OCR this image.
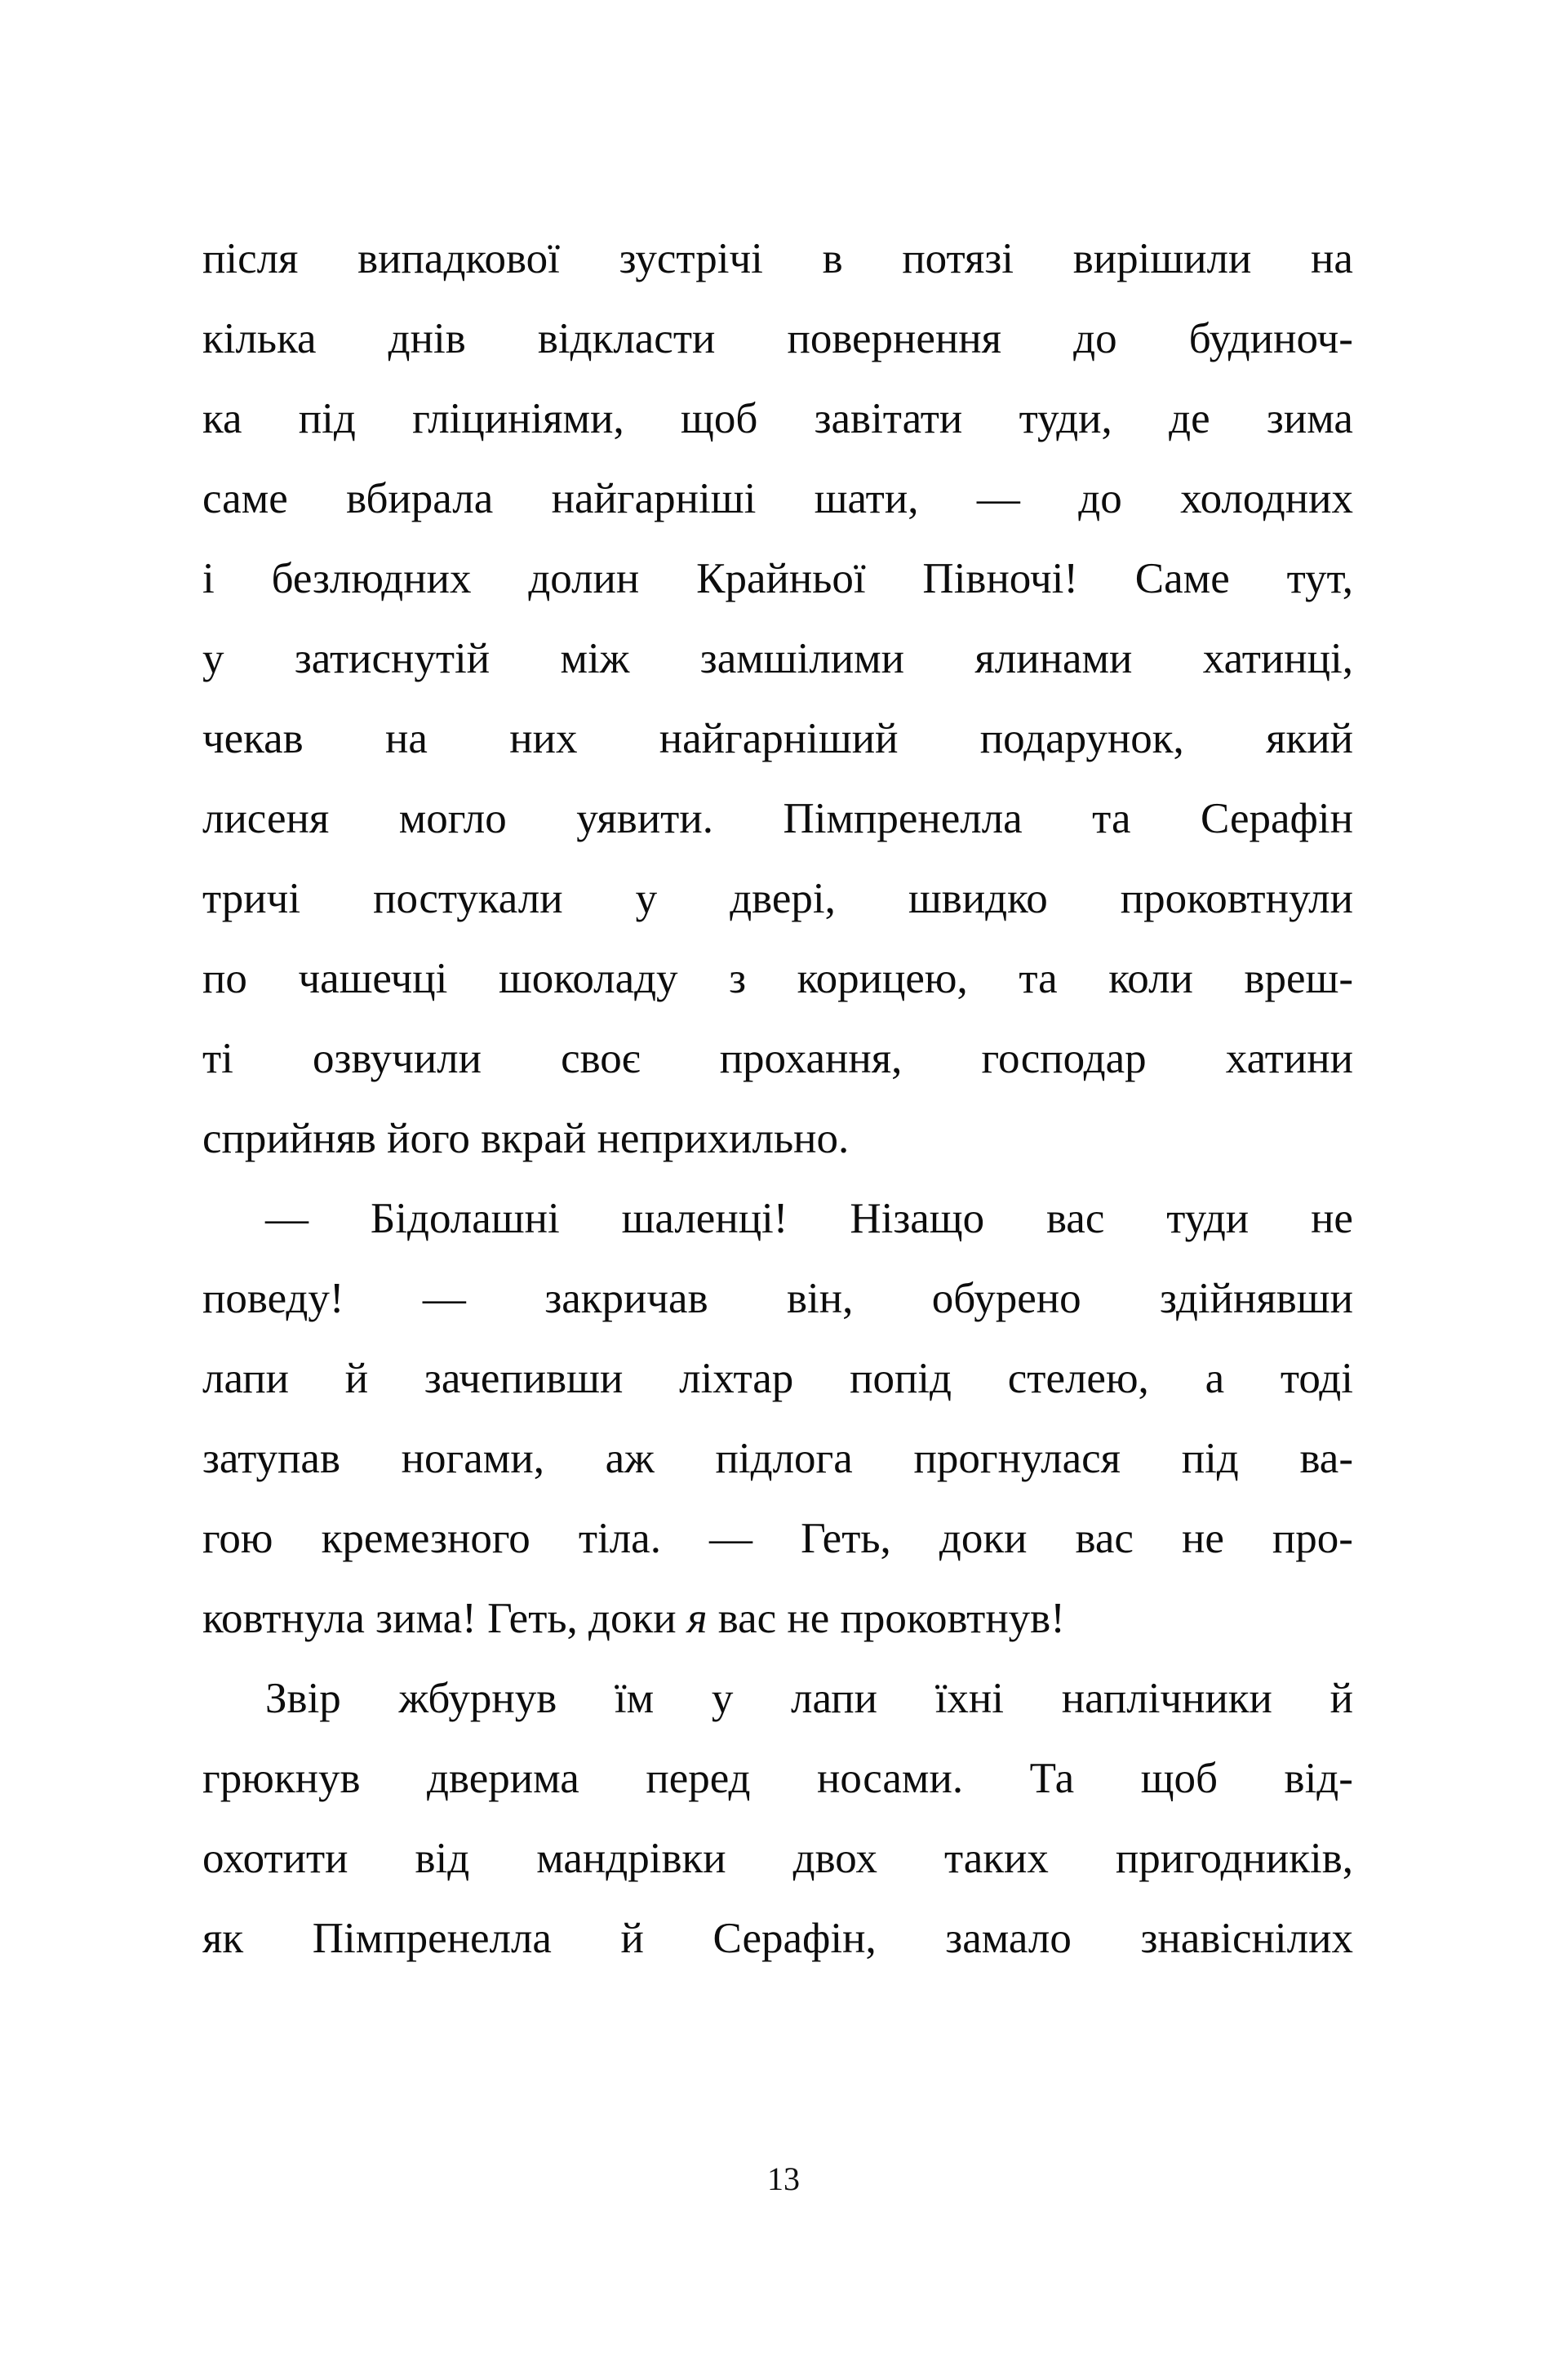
після випадкової зустрічі в потязі вирішили на
кілька днів відкласти повернення до будиноч-
ка під гліциніями, щоб завітати туди, де зима
саме вбирала найгарніші шати, — до холодних
і безлюдних долин Крайньої Півночі! Саме тут,
у затиснутій між замшілими ялинами хатинці,
чекав на них найгарніший подарунок, який
лисеня могло уявити. Пімпренелла та Серафін
тричі постукали у двері, швидко проковтнули
по чашечці шоколаду з корицею, та коли вреш-
ті озвучили своє прохання, господар хатини
сприйняв його вкрай неприхильно.
— Бідолашні шаленці! Нізащо вас туди не
поведу! — закричав він, обурено здійнявши
лапи й зачепивши ліхтар попід стелею, а тоді
затупав ногами, аж підлога прогнулася під ва-
гою кремезного тіла. — Геть, доки вас не про-
ковтнула зима! Геть, доки я вас не проковтнув!
Звір жбурнув їм у лапи їхні наплічники й
грюкнув дверима перед носами. Та щоб від-
охотити від мандрівки двох таких пригодників,
як Пімпренелла й Серафін, замало знавіснілих
13
